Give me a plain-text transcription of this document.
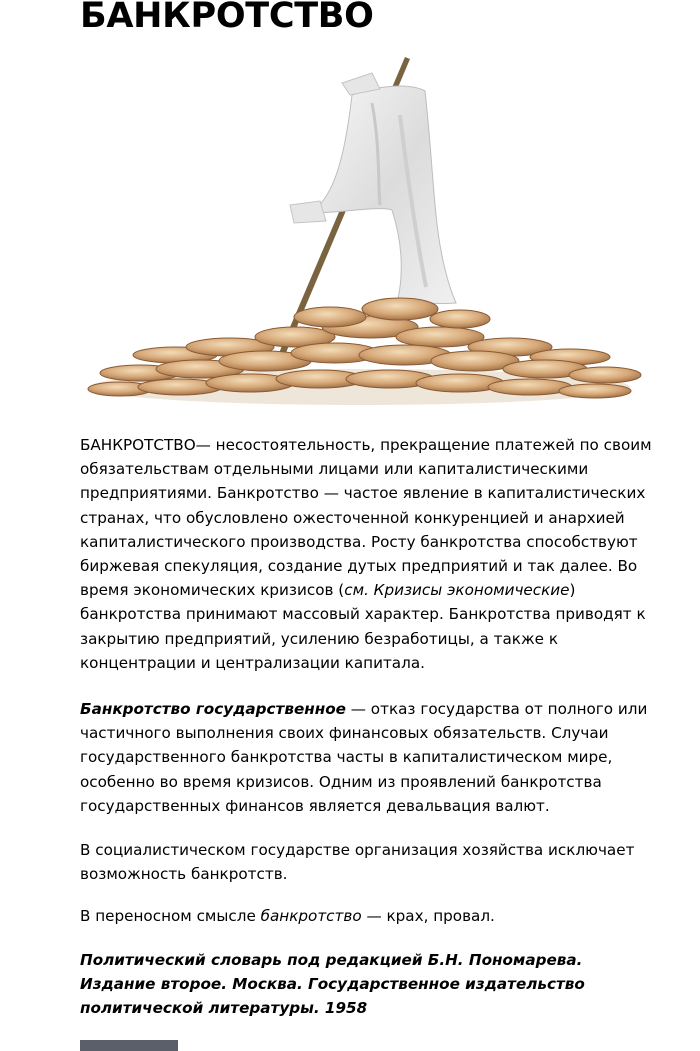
БАНКРОТСТВО

БАНКРОТСТВО— несостоятельность, прекращение платежей по своим обязательствам отдельными лицами или капиталистическими предприятиями. Банкротство — частое явление в капиталистических странах, что обусловлено ожесточенной конкуренцией и анархией капиталистического производства. Росту банкротства способствуют биржевая спекуляция, создание дутых предприятий и так далее. Во время экономических кризисов (см. Кризисы экономические) банкротства принимают массовый характер. Банкротства приводят к закрытию предприятий, усилению безработицы, а также к концентрации и централизации капитала.

Банкротство государственное — отказ государства от полного или частичного выполнения своих финансовых обязательств. Случаи государственного банкротства часты в капиталистическом мире, особенно во время кризисов. Одним из проявлений банкротства государственных финансов является девальвация валют.

В социалистическом государстве организация хозяйства исключает возможность банкротств.

В переносном смысле банкротство — крах, провал.

Политический словарь под редакцией Б.Н. Пономарева. Издание второе. Москва. Государственное издательство политической литературы. 1958
